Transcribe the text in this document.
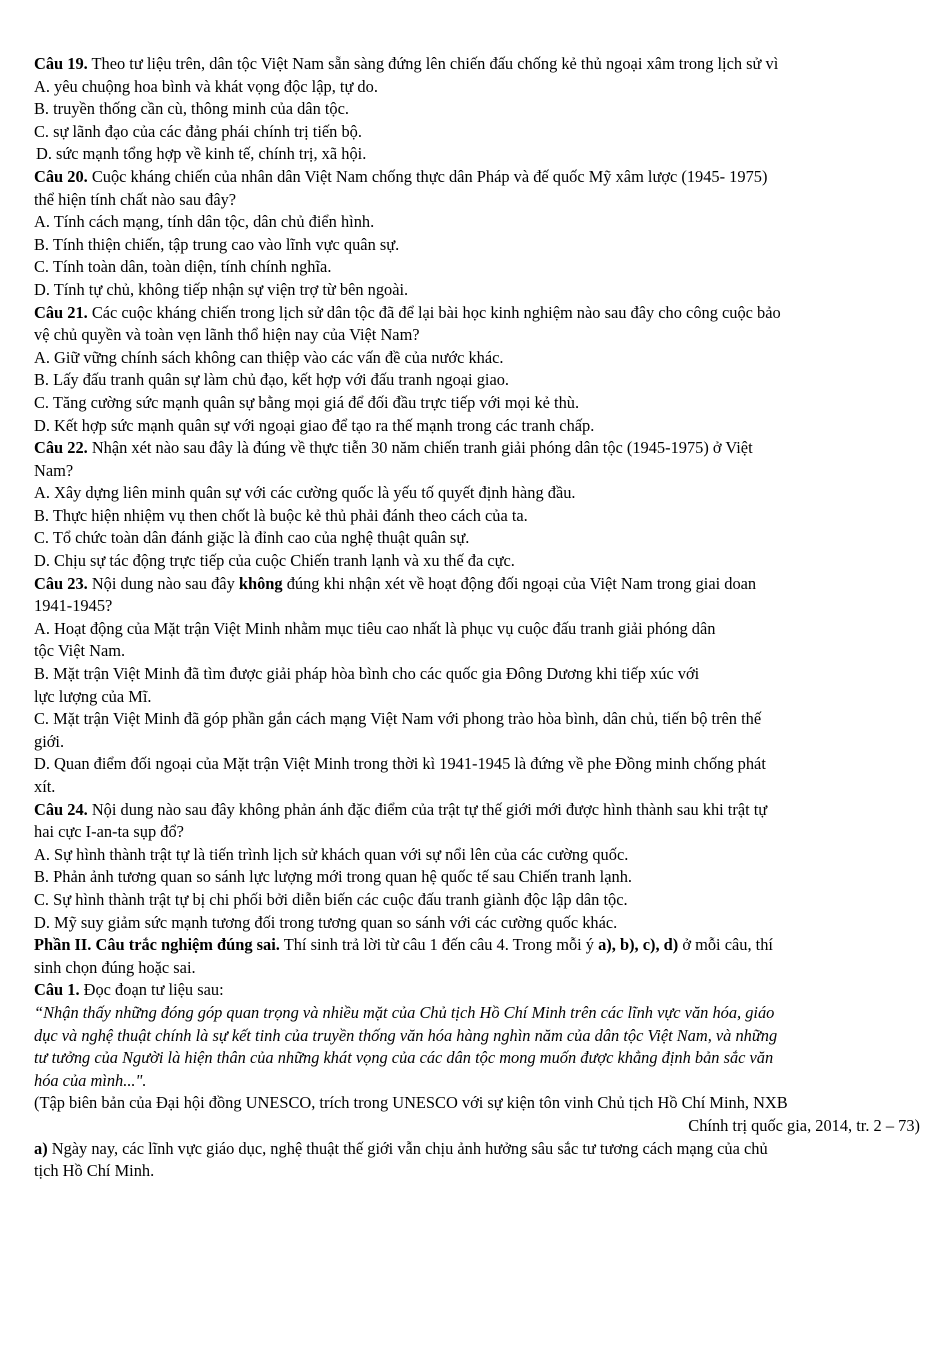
Câu 19. Theo tư liệu trên, dân tộc Việt Nam sẵn sàng đứng lên chiến đấu chống kẻ thủ ngoại xâm trong lịch sử vì

A. yêu chuộng hoa bình và khát vọng độc lập, tự do.

B. truyền thống cần cù, thông minh của dân tộc.

C. sự lãnh đạo của các đảng phái chính trị tiến bộ.

D. sức mạnh tổng hợp về kinh tế, chính trị, xã hội.

Câu 20. Cuộc kháng chiến của nhân dân Việt Nam chống thực dân Pháp và đế quốc Mỹ xâm lược (1945- 1975)

thể hiện tính chất nào sau đây?

A. Tính cách mạng, tính dân tộc, dân chủ điển hình.

B. Tính thiện chiến, tập trung cao vào lĩnh vực quân sự.

C. Tính toàn dân, toàn diện, tính chính nghĩa.

D. Tính tự chủ, không tiếp nhận sự viện trợ từ bên ngoài.

Câu 21. Các cuộc kháng chiến trong lịch sử dân tộc đã để lại bài học kinh nghiệm nào sau đây cho công cuộc bảo

vệ chủ quyền và toàn vẹn lãnh thổ hiện nay của Việt Nam?

A. Giữ vững chính sách không can thiệp vào các vấn đề của nước khác.

B. Lấy đấu tranh quân sự làm chủ đạo, kết hợp với đấu tranh ngoại giao.

C. Tăng cường sức mạnh quân sự bằng mọi giá để đối đầu trực tiếp với mọi kẻ thù.

D. Kết hợp sức mạnh quân sự với ngoại giao để tạo ra thế mạnh trong các tranh chấp.

Câu 22. Nhận xét nào sau đây là đúng về thực tiễn 30 năm chiến tranh giải phóng dân tộc (1945-1975) ở Việt

Nam?

A. Xây dựng liên minh quân sự với các cường quốc là yếu tố quyết định hàng đầu.

B. Thực hiện nhiệm vụ then chốt là buộc kẻ thủ phải đánh theo cách của ta.

C. Tổ chức toàn dân đánh giặc là đỉnh cao của nghệ thuật quân sự.

D. Chịu sự tác động trực tiếp của cuộc Chiến tranh lạnh và xu thế đa cực.

Câu 23. Nội dung nào sau đây không đúng khi nhận xét về hoạt động đối ngoại của Việt Nam trong giai doan

1941-1945?

A. Hoạt động của Mặt trận Việt Minh nhằm mục tiêu cao nhất là phục vụ cuộc đấu tranh giải phóng dân

tộc Việt Nam.

B. Mặt trận Việt Minh đã tìm được giải pháp hòa bình cho các quốc gia Đông Dương khi tiếp xúc với

lực lượng của Mĩ.

C. Mặt trận Việt Minh đã góp phần gắn cách mạng Việt Nam với phong trào hòa bình, dân chủ, tiến bộ trên thế

giới.

D. Quan điểm đối ngoại của Mặt trận Việt Minh trong thời kì 1941-1945 là đứng về phe Đồng minh chống phát

xít.

Câu 24. Nội dung nào sau đây không phản ánh đặc điểm của trật tự thế giới mới được hình thành sau khi trật tự

hai cực I-an-ta sụp đổ?

A. Sự hình thành trật tự là tiến trình lịch sử khách quan với sự nổi lên của các cường quốc.

B. Phản ảnh tương quan so sánh lực lượng mới trong quan hệ quốc tế sau Chiến tranh lạnh.

C. Sự hình thành trật tự bị chi phối bởi diễn biến các cuộc đấu tranh giành độc lập dân tộc.

D. Mỹ suy giảm sức mạnh tương đối trong tương quan so sánh với các cường quốc khác.

Phần II. Câu trắc nghiệm đúng sai. Thí sinh trả lời từ câu 1 đến câu 4. Trong mỗi ý a), b), c), d) ở mỗi câu, thí

sinh chọn đúng hoặc sai.

Câu 1. Đọc đoạn tư liệu sau:

“Nhận thấy những đóng góp quan trọng và nhiều mặt của Chủ tịch Hồ Chí Minh trên các lĩnh vực văn hóa, giáo

dục và nghệ thuật chính là sự kết tinh của truyền thống văn hóa hàng nghìn năm của dân tộc Việt Nam, và những

tư tưởng của Người là hiện thân của những khát vọng của các dân tộc mong muốn được khẳng định bản sắc văn

hóa của mình...".

(Tập biên bản của Đại hội đồng UNESCO, trích trong UNESCO với sự kiện tôn vinh Chủ tịch Hồ Chí Minh, NXB

Chính trị quốc gia, 2014, tr. 2 – 73)

a) Ngày nay, các lĩnh vực giáo dục, nghệ thuật thế giới vẫn chịu ảnh hưởng sâu sắc tư tương cách mạng của chủ

tịch Hồ Chí Minh.
